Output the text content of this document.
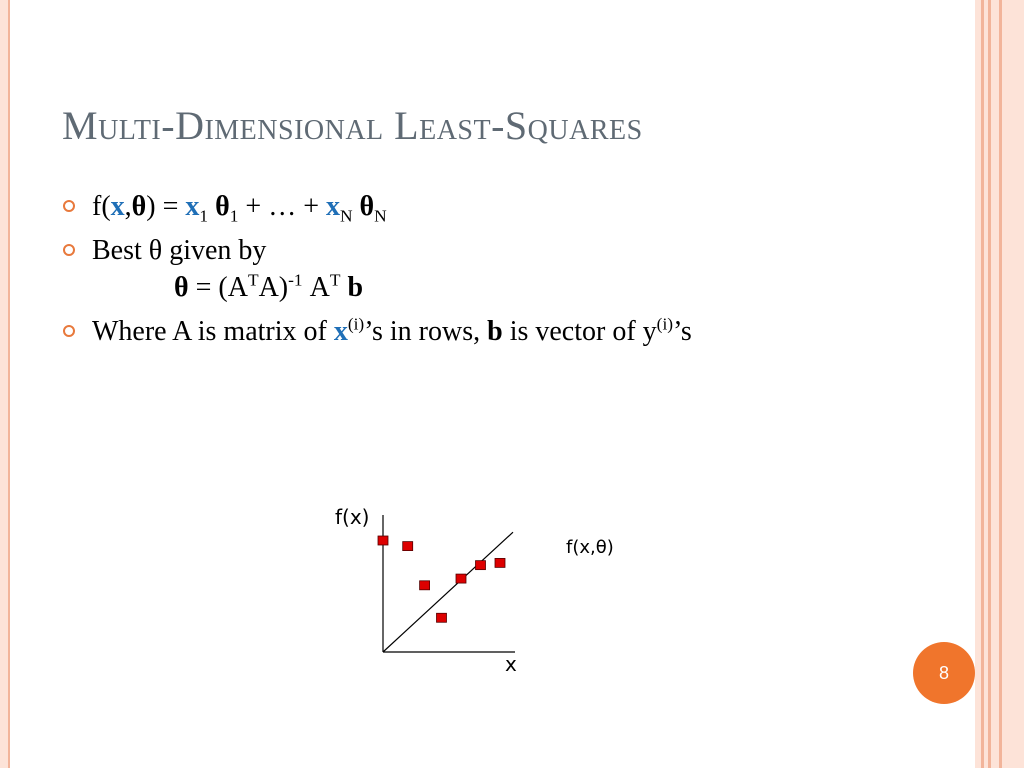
Multi-Dimensional Least-Squares
$f(x,\theta) = x_1$ $\theta_1$ + … + $x_N$ $\theta_N$
Best θ given by
$\theta = (A^TA)^{-1}$ $A^T$ b
Where A is matrix of $x^{(i)}’s$ in rows, b is vector of $y^{(i)}’s$
f(x)
x
f(x,θ)
8
